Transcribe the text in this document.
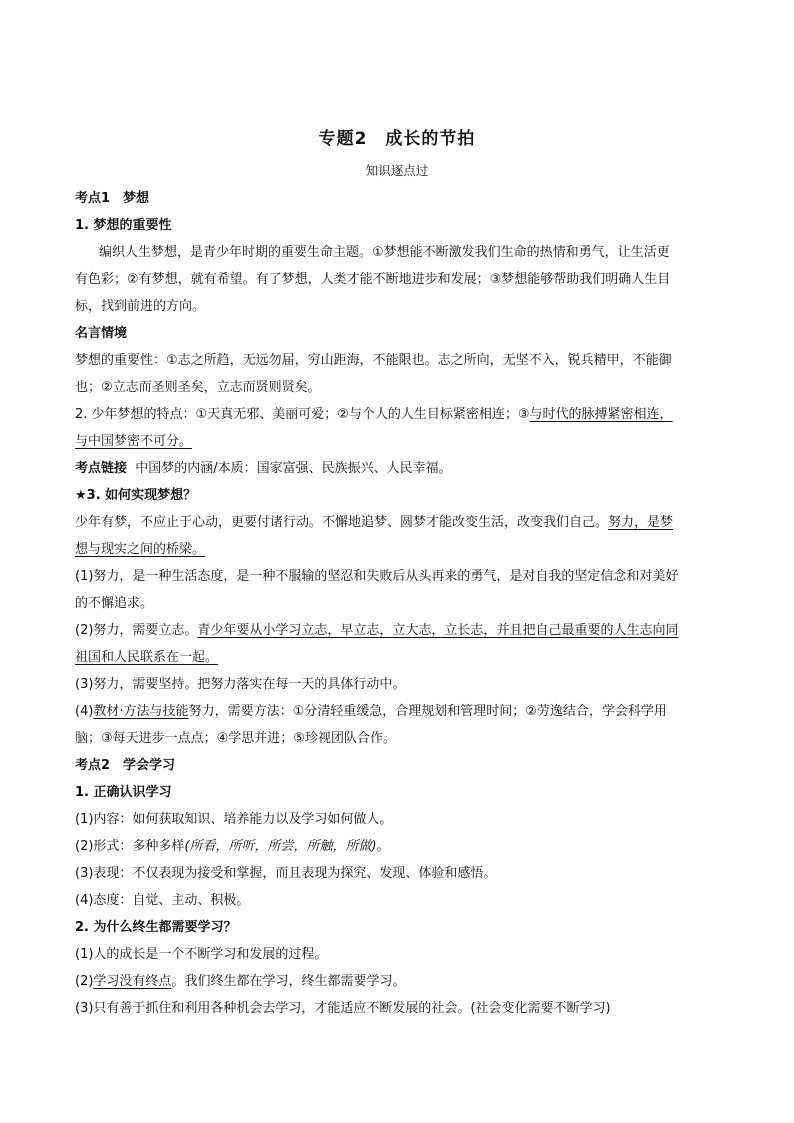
专题2　成长的节拍
知识逐点过
考点1　梦想
1. 梦想的重要性
编织人生梦想，是青少年时期的重要生命主题。①梦想能不断激发我们生命的热情和勇气，让生活更
有色彩；②有梦想，就有希望。有了梦想，人类才能不断地进步和发展；③梦想能够帮助我们明确人生目
标，找到前进的方向。
名言情境
梦想的重要性：①志之所趋，无远勿届，穷山距海，不能限也。志之所向，无坚不入，锐兵精甲，不能御
也；②立志而圣则圣矣，立志而贤则贤矣。
2. 少年梦想的特点：①天真无邪、美丽可爱；②与个人的人生目标紧密相连；③与时代的脉搏紧密相连，
与中国梦密不可分。
考点链接 中国梦的内涵/本质：国家富强、民族振兴、人民幸福。
★3. 如何实现梦想？
少年有梦，不应止于心动，更要付诸行动。不懈地追梦、圆梦才能改变生活，改变我们自己。努力，是梦
想与现实之间的桥梁。
(1)努力，是一种生活态度，是一种不服输的坚忍和失败后从头再来的勇气，是对自我的坚定信念和对美好
的不懈追求。
(2)努力，需要立志。青少年要从小学习立志，早立志，立大志，立长志，并且把自己最重要的人生志向同
祖国和人民联系在一起。
(3)努力，需要坚持。把努力落实在每一天的具体行动中。
(4)教材·方法与技能努力，需要方法：①分清轻重缓急，合理规划和管理时间；②劳逸结合，学会科学用
脑；③每天进步一点点；④学思并进；⑤珍视团队合作。
考点2　学会学习
1. 正确认识学习
(1)内容：如何获取知识、培养能力以及学习如何做人。
(2)形式：多种多样(所看，所听，所尝，所触，所做)。
(3)表现：不仅表现为接受和掌握，而且表现为探究、发现、体验和感悟。
(4)态度：自觉、主动、积极。
2. 为什么终生都需要学习？
(1)人的成长是一个不断学习和发展的过程。
(2)学习没有终点。我们终生都在学习，终生都需要学习。
(3)只有善于抓住和利用各种机会去学习，才能适应不断发展的社会。(社会变化需要不断学习)
